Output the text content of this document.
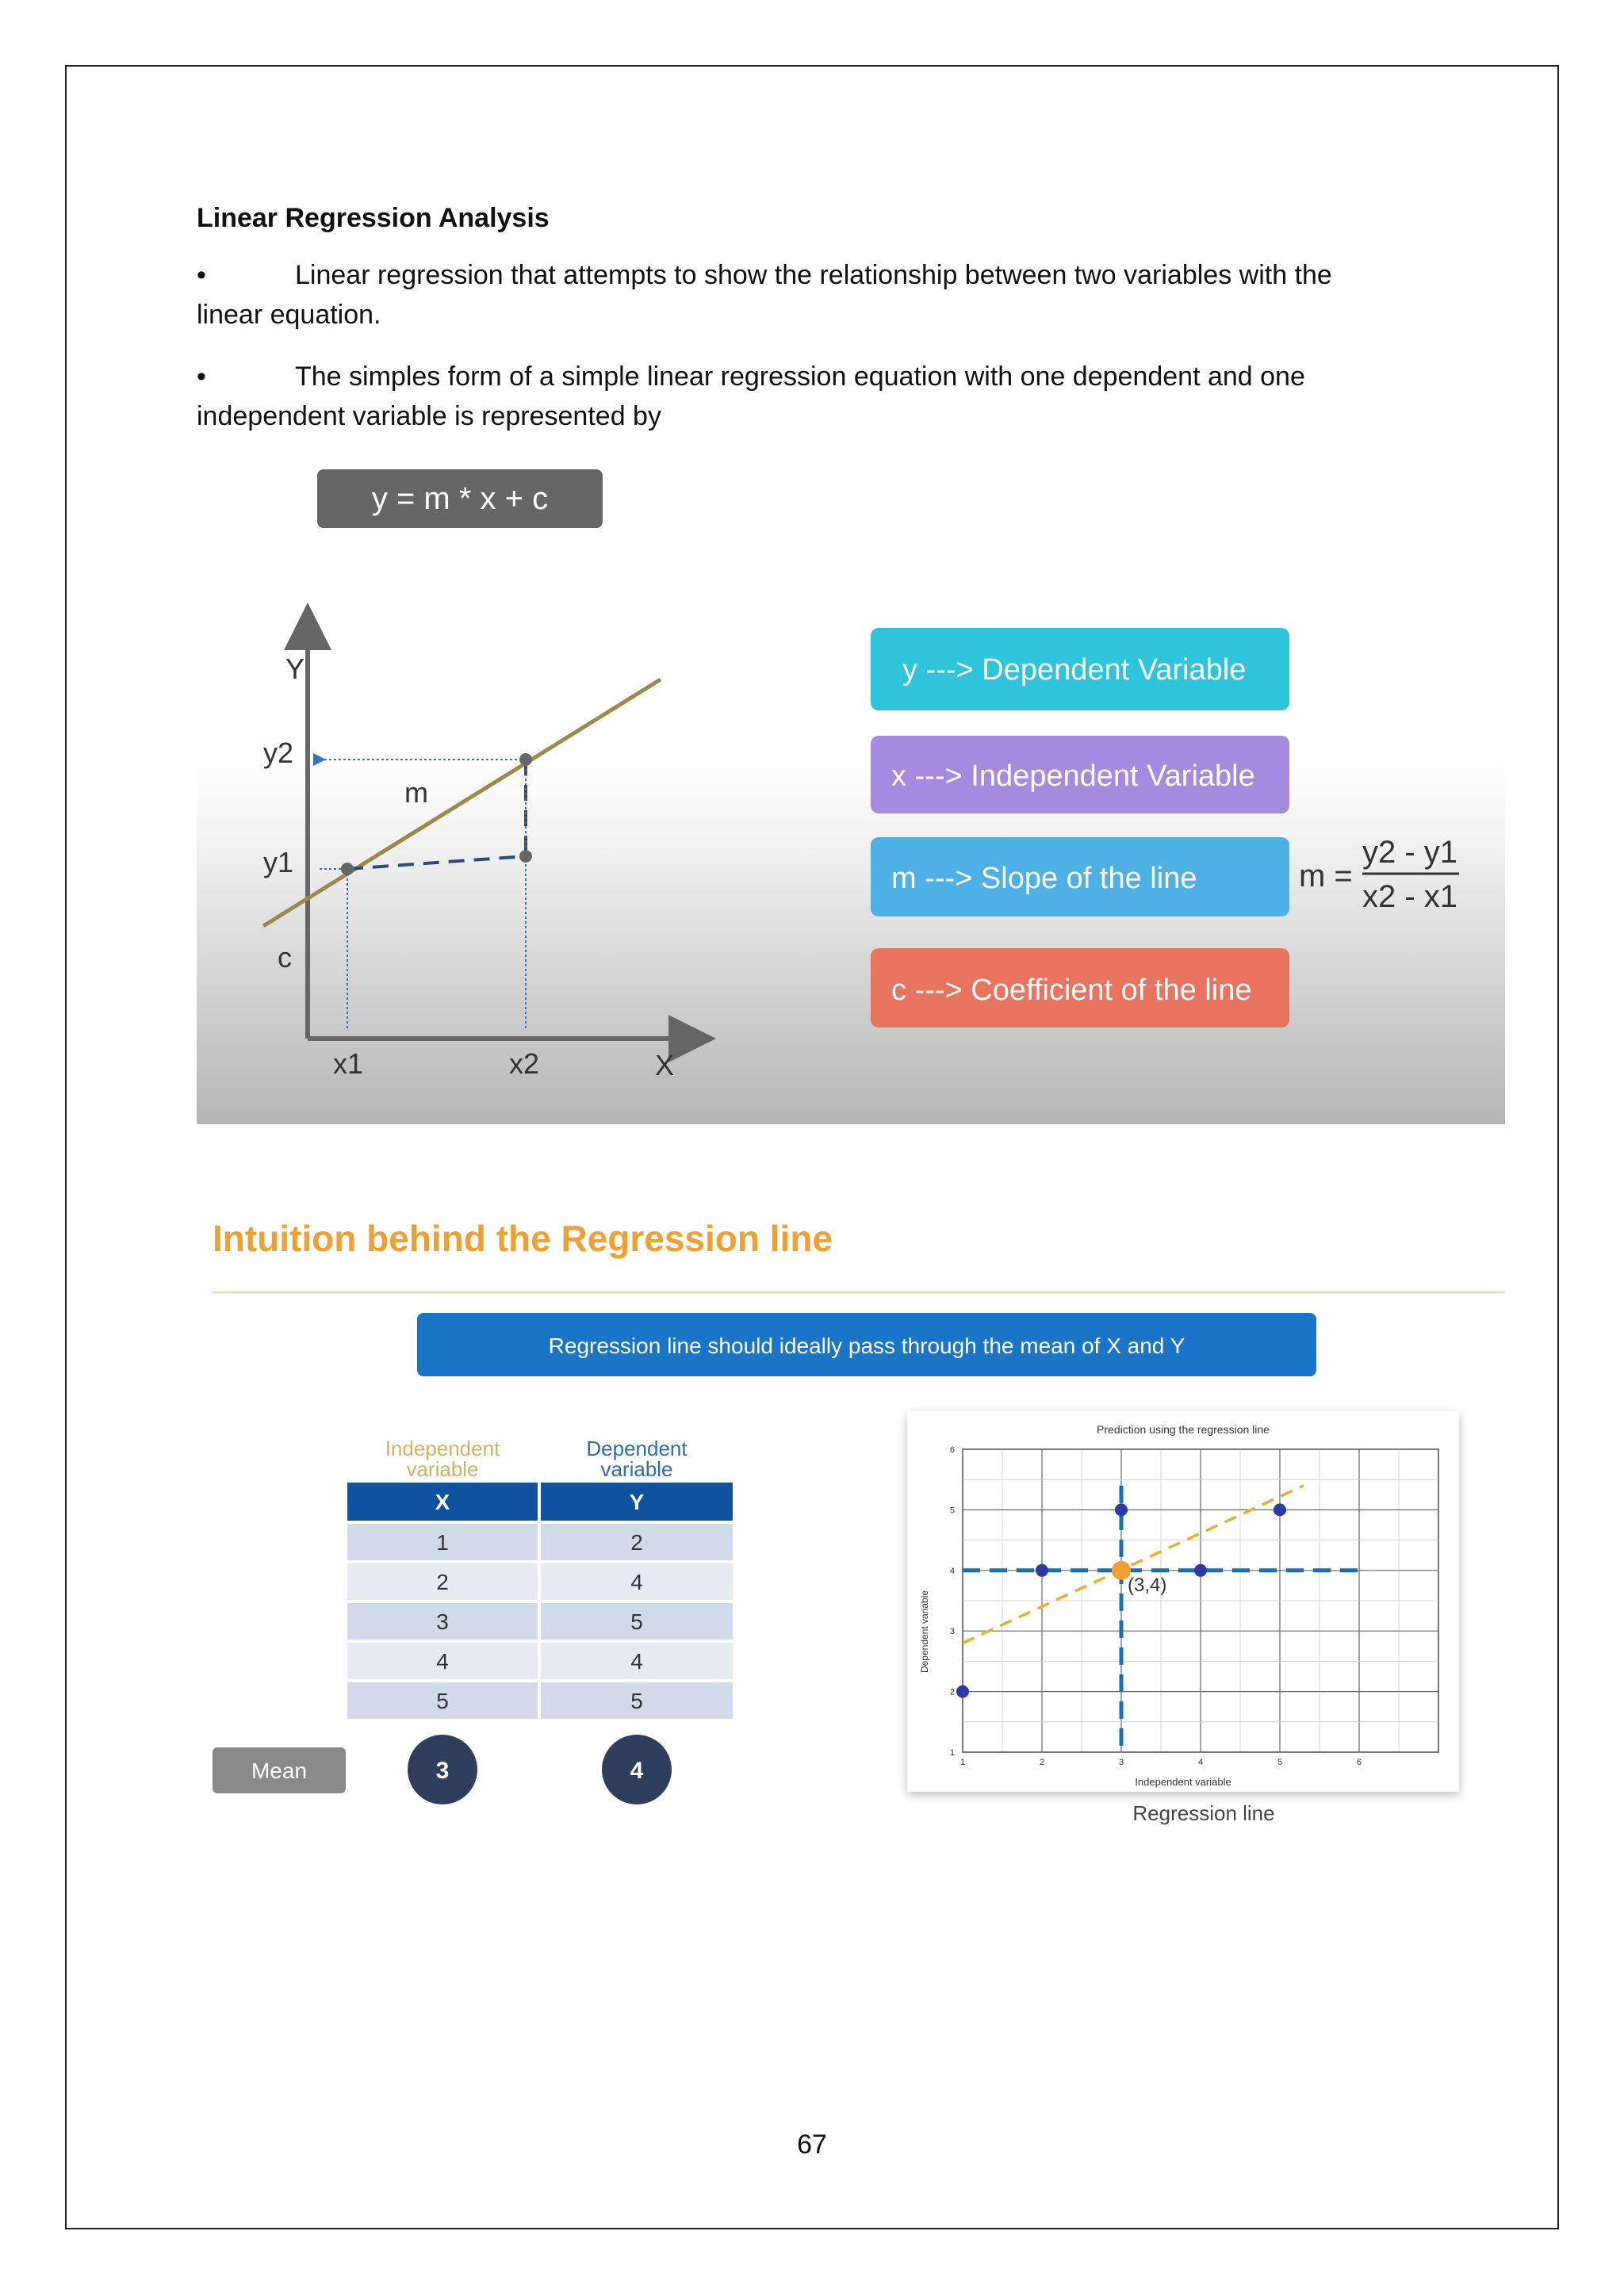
Linear Regression Analysis
•	Linear regression that attempts to show the relationship between two variables with the
linear equation.
•	The simples form of a simple linear regression equation with one dependent and one
independent variable is represented by
y = m * x + c
Y
X
y2
y1
m
c
x1	x2
y ---> Dependent Variable
x ---> Independent Variable
m ---> Slope of the line
c ---> Coefficient of the line
m =
y2 - y1
x2 - x1
Intuition behind the Regression line
Regression line should ideally pass through the mean of X and Y
Independent
variable
Dependent
variable
X	Y
1	2
2	4
3	5
4	4
5	5
Mean	3	4
Prediction using the regression line
1	2	3	4	5	6
1
2
3
4
5
6
(3,4)
Independent variable
Dependent variable
Regression line
67
